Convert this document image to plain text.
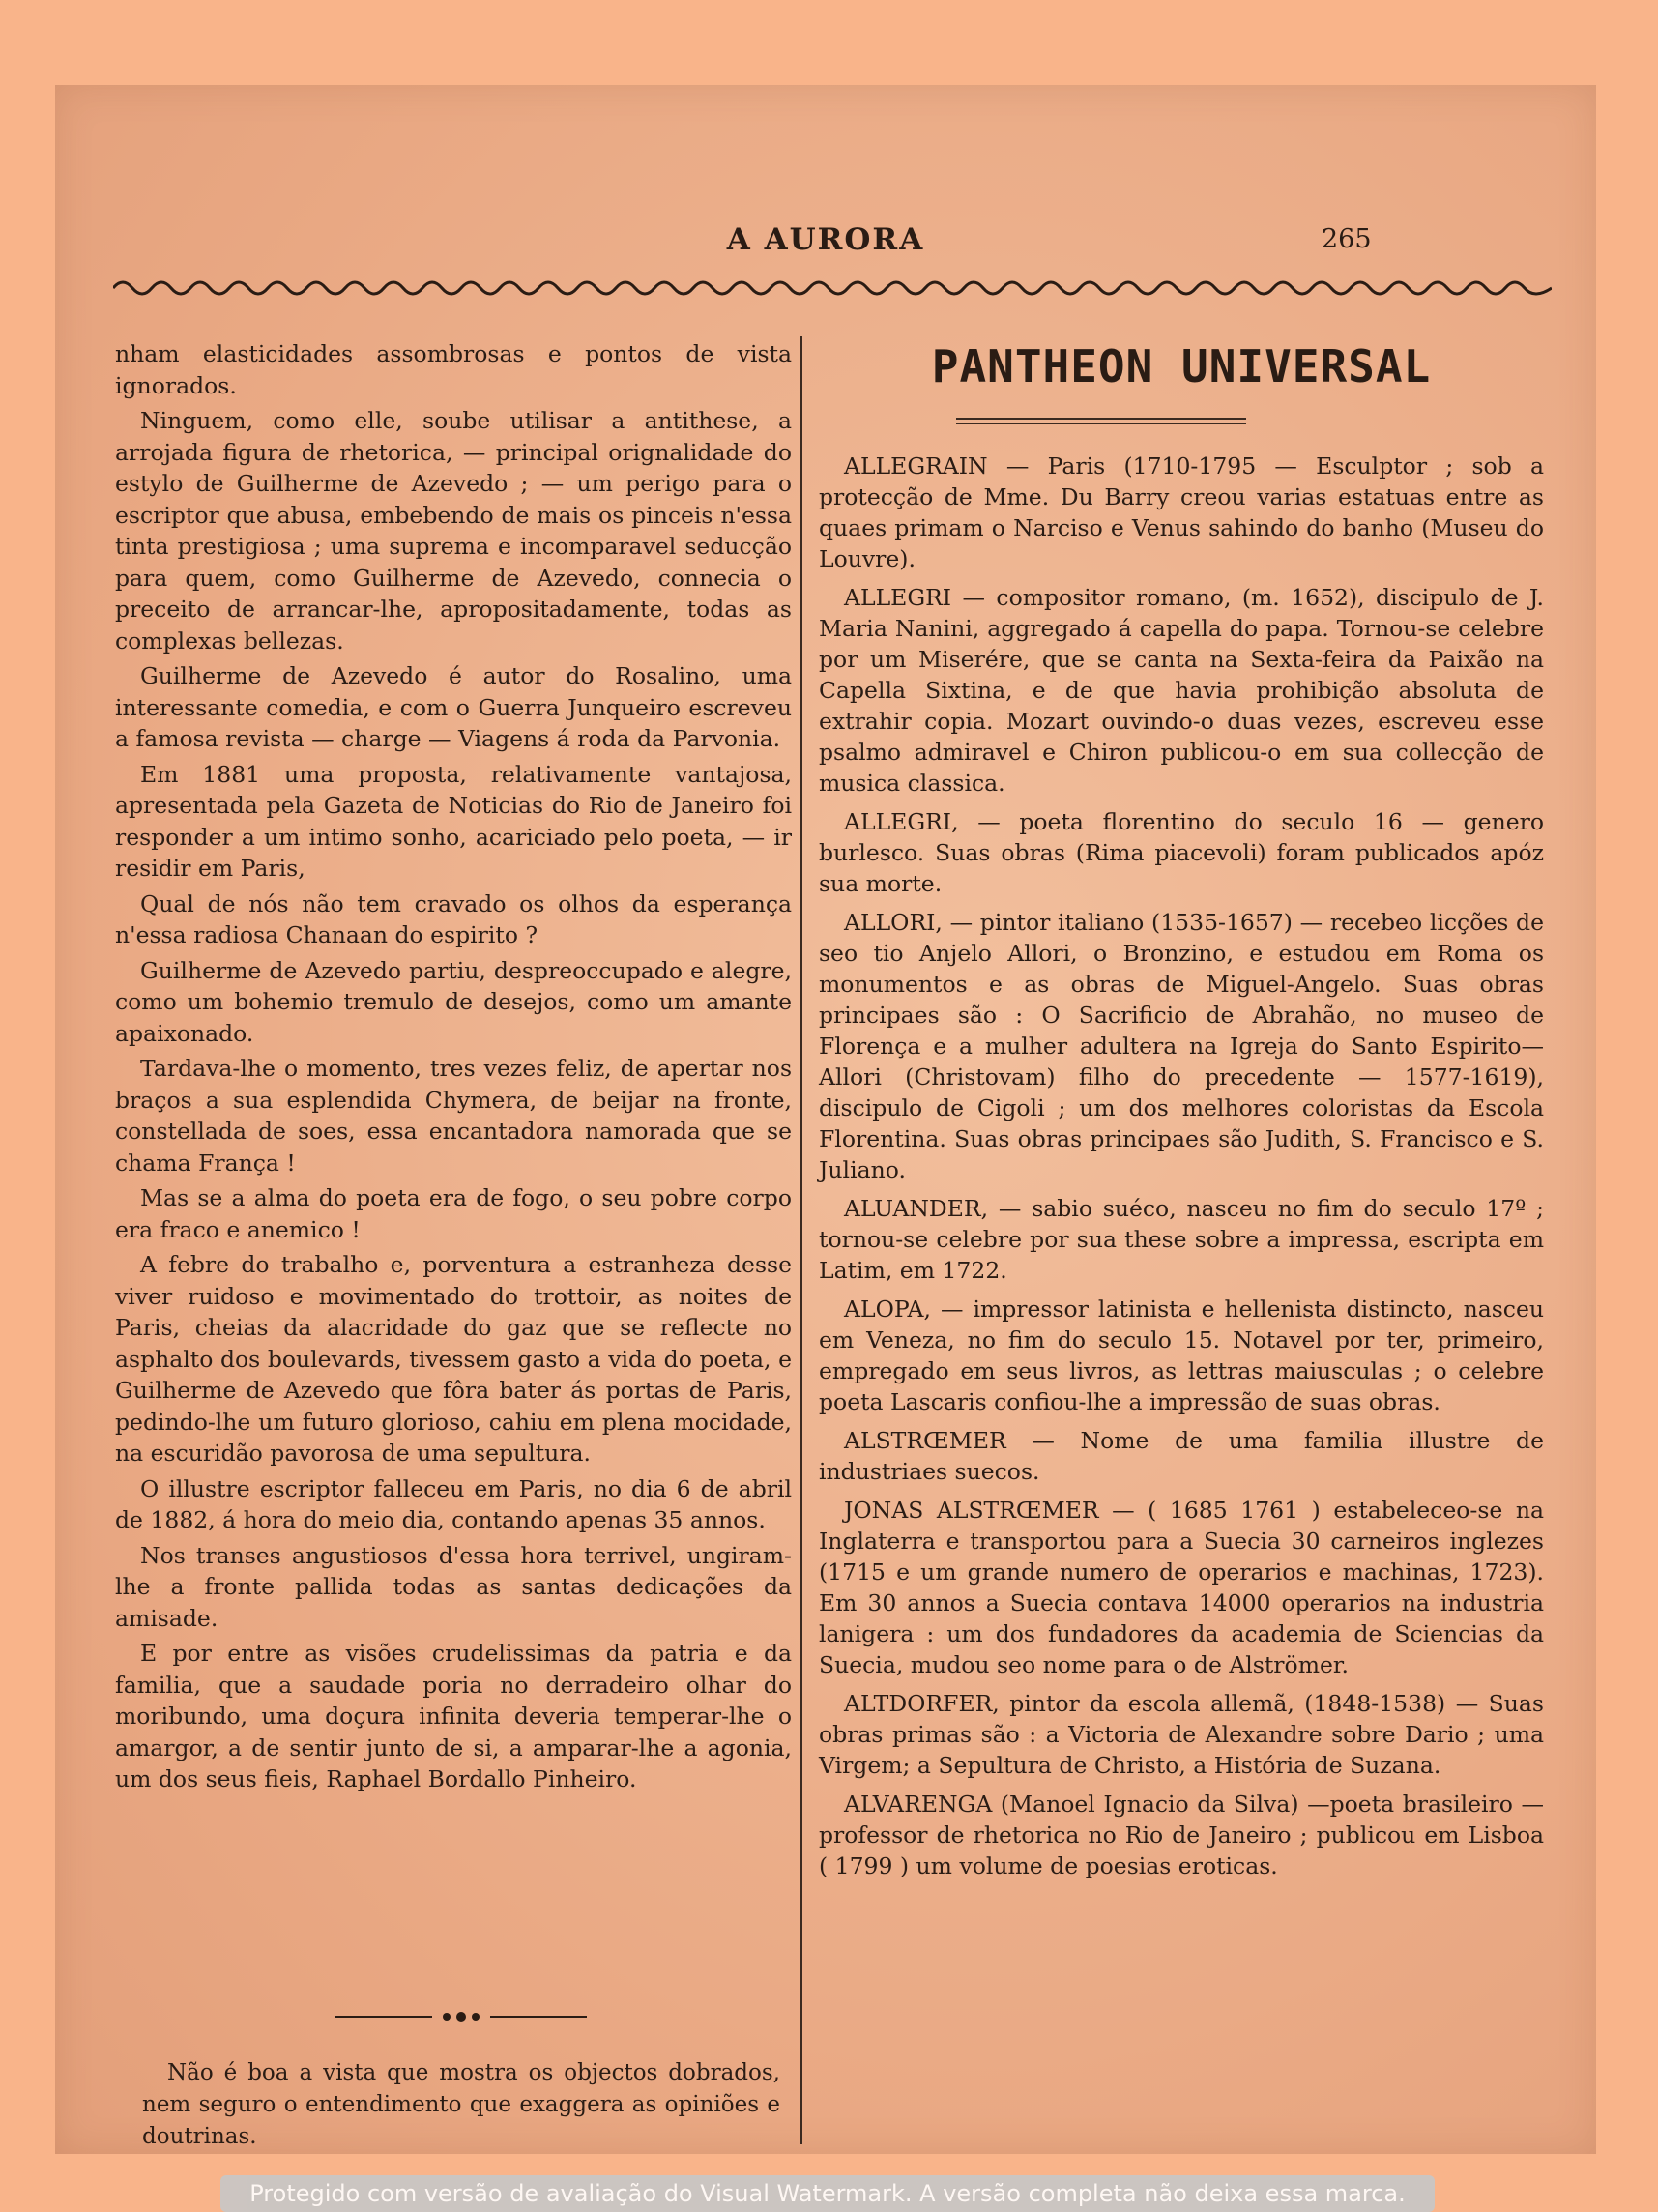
A AURORA	265

nham elasticidades assombrosas e pontos de vista ignorados.

Ninguem, como elle, soube utilisar a antithese, a arrojada figura de rhetorica, — principal orignalidade do estylo de Guilherme de Azevedo ; — um perigo para o escriptor que abusa, embebendo de mais os pinceis n'essa tinta prestigiosa ; uma suprema e incomparavel seducção para quem, como Guilherme de Azevedo, connecia o preceito de arrancar-lhe, apropositadamente, todas as complexas bellezas.

Guilherme de Azevedo é autor do Rosalino, uma interessante comedia, e com o Guerra Junqueiro escreveu a famosa revista — charge — Viagens á roda da Parvonia.

Em 1881 uma proposta, relativamente vantajosa, apresentada pela Gazeta de Noticias do Rio de Janeiro foi responder a um intimo sonho, acariciado pelo poeta, — ir residir em Paris,

Qual de nós não tem cravado os olhos da esperança n'essa radiosa Chanaan do espirito ?

Guilherme de Azevedo partiu, despreoccupado e alegre, como um bohemio tremulo de desejos, como um amante apaixonado.

Tardava-lhe o momento, tres vezes feliz, de apertar nos braços a sua esplendida Chymera, de beijar na fronte, constellada de soes, essa encantadora namorada que se chama França !

Mas se a alma do poeta era de fogo, o seu pobre corpo era fraco e anemico !

A febre do trabalho e, porventura a estranheza desse viver ruidoso e movimentado do trottoir, as noites de Paris, cheias da alacridade do gaz que se reflecte no asphalto dos boulevards, tivessem gasto a vida do poeta, e Guilherme de Azevedo que fôra bater ás portas de Paris, pedindo-lhe um futuro glorioso, cahiu em plena mocidade, na escuridão pavorosa de uma sepultura.

O illustre escriptor falleceu em Paris, no dia 6 de abril de 1882, á hora do meio dia, contando apenas 35 annos.

Nos transes angustiosos d'essa hora terrivel, ungiram-lhe a fronte pallida todas as santas dedicações da amisade.

E por entre as visões crudelissimas da patria e da familia, que a saudade poria no derradeiro olhar do moribundo, uma doçura infinita deveria temperar-lhe o amargor, a de sentir junto de si, a amparar-lhe a agonia, um dos seus fieis, Raphael Bordallo Pinheiro.

Não é boa a vista que mostra os objectos dobrados, nem seguro o entendimento que exaggera as opiniões e doutrinas.

PANTHEON UNIVERSAL

ALLEGRAIN — Paris (1710-1795 — Esculptor ; sob a protecção de Mme. Du Barry creou varias estatuas entre as quaes primam o Narciso e Venus sahindo do banho (Museu do Louvre).

ALLEGRI — compositor romano, (m. 1652), discipulo de J. Maria Nanini, aggregado á capella do papa. Tornou-se celebre por um Miserére, que se canta na Sexta-feira da Paixão na Capella Sixtina, e de que havia prohibição absoluta de extrahir copia. Mozart ouvindo-o duas vezes, escreveu esse psalmo admiravel e Chiron publicou-o em sua collecção de musica classica.

ALLEGRI, — poeta florentino do seculo 16 — genero burlesco. Suas obras (Rima piacevoli) foram publicados apóz sua morte.

ALLORI, — pintor italiano (1535-1657) — recebeo licções de seo tio Anjelo Allori, o Bronzino, e estudou em Roma os monumentos e as obras de Miguel-Angelo. Suas obras principaes são : O Sacrificio de Abrahão, no museo de Florença e a mulher adultera na Igreja do Santo Espirito—Allori (Christovam) filho do precedente — 1577-1619), discipulo de Cigoli ; um dos melhores coloristas da Escola Florentina. Suas obras principaes são Judith, S. Francisco e S. Juliano.

ALUANDER, — sabio suéco, nasceu no fim do seculo 17º ; tornou-se celebre por sua these sobre a impressa, escripta em Latim, em 1722.

ALOPA, — impressor latinista e hellenista distincto, nasceu em Veneza, no fim do seculo 15. Notavel por ter, primeiro, empregado em seus livros, as lettras maiusculas ; o celebre poeta Lascaris confiou-lhe a impressão de suas obras.

ALSTRŒMER — Nome de uma familia illustre de industriaes suecos.

JONAS ALSTRŒMER — ( 1685 1761 ) estabeleceo-se na Inglaterra e transportou para a Suecia 30 carneiros inglezes (1715 e um grande numero de operarios e machinas, 1723). Em 30 annos a Suecia contava 14000 operarios na industria lanigera : um dos fundadores da academia de Sciencias da Suecia, mudou seo nome para o de Alströmer.

ALTDORFER, pintor da escola allemã, (1848-1538) — Suas obras primas são : a Victoria de Alexandre sobre Dario ; uma Virgem; a Sepultura de Christo, a História de Suzana.

ALVARENGA (Manoel Ignacio da Silva) —poeta brasileiro — professor de rhetorica no Rio de Janeiro ; publicou em Lisboa ( 1799 ) um volume de poesias eroticas.

Protegido com versão de avaliação do Visual Watermark. A versão completa não deixa essa marca.
